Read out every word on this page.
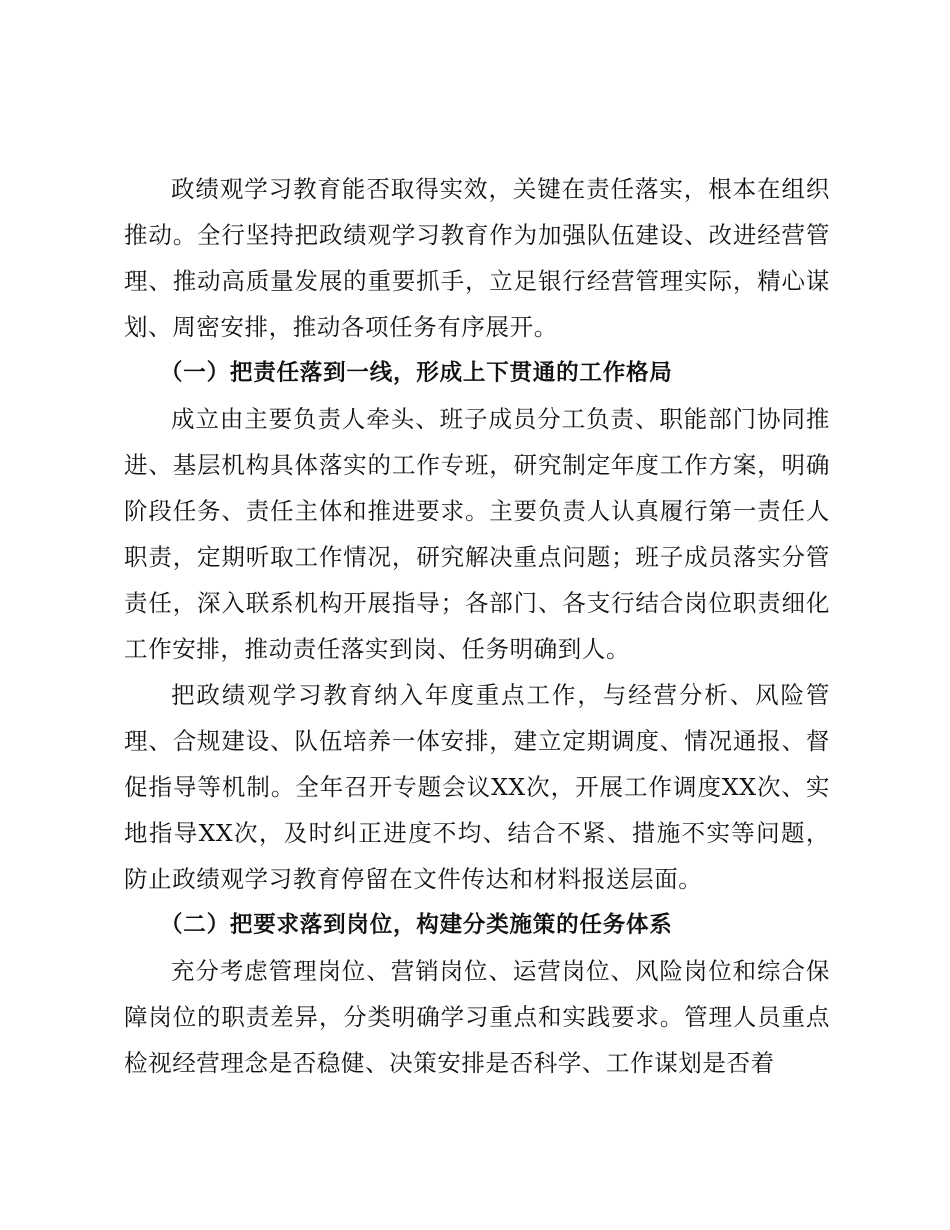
政绩观学习教育能否取得实效，关键在责任落实，根本在组织推动。全行坚持把政绩观学习教育作为加强队伍建设、改进经营管理、推动高质量发展的重要抓手，立足银行经营管理实际，精心谋划、周密安排，推动各项任务有序展开。

（一）把责任落到一线，形成上下贯通的工作格局

成立由主要负责人牵头、班子成员分工负责、职能部门协同推进、基层机构具体落实的工作专班，研究制定年度工作方案，明确阶段任务、责任主体和推进要求。主要负责人认真履行第一责任人职责，定期听取工作情况，研究解决重点问题；班子成员落实分管责任，深入联系机构开展指导；各部门、各支行结合岗位职责细化工作安排，推动责任落实到岗、任务明确到人。

把政绩观学习教育纳入年度重点工作，与经营分析、风险管理、合规建设、队伍培养一体安排，建立定期调度、情况通报、督促指导等机制。全年召开专题会议XX次，开展工作调度XX次、实地指导XX次，及时纠正进度不均、结合不紧、措施不实等问题，防止政绩观学习教育停留在文件传达和材料报送层面。

（二）把要求落到岗位，构建分类施策的任务体系

充分考虑管理岗位、营销岗位、运营岗位、风险岗位和综合保障岗位的职责差异，分类明确学习重点和实践要求。管理人员重点检视经营理念是否稳健、决策安排是否科学、工作谋划是否着
